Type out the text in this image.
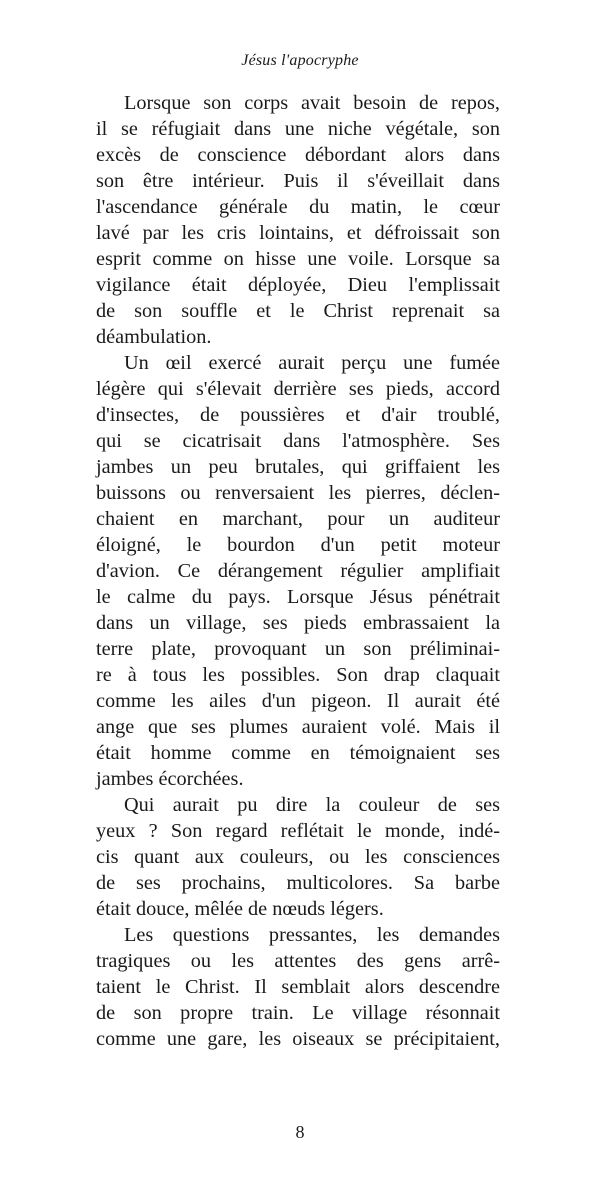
Jésus l'apocryphe
Lorsque son corps avait besoin de repos,
il se réfugiait dans une niche végétale, son
excès de conscience débordant alors dans
son être intérieur. Puis il s'éveillait dans
l'ascendance générale du matin, le cœur
lavé par les cris lointains, et défroissait son
esprit comme on hisse une voile. Lorsque sa
vigilance était déployée, Dieu l'emplissait
de son souffle et le Christ reprenait sa
déambulation.
Un œil exercé aurait perçu une fumée
légère qui s'élevait derrière ses pieds, accord
d'insectes, de poussières et d'air troublé,
qui se cicatrisait dans l'atmosphère. Ses
jambes un peu brutales, qui griffaient les
buissons ou renversaient les pierres, déclen-
chaient en marchant, pour un auditeur
éloigné, le bourdon d'un petit moteur
d'avion. Ce dérangement régulier amplifiait
le calme du pays. Lorsque Jésus pénétrait
dans un village, ses pieds embrassaient la
terre plate, provoquant un son préliminai-
re à tous les possibles. Son drap claquait
comme les ailes d'un pigeon. Il aurait été
ange que ses plumes auraient volé. Mais il
était homme comme en témoignaient ses
jambes écorchées.
Qui aurait pu dire la couleur de ses
yeux ? Son regard reflétait le monde, indé-
cis quant aux couleurs, ou les consciences
de ses prochains, multicolores. Sa barbe
était douce, mêlée de nœuds légers.
Les questions pressantes, les demandes
tragiques ou les attentes des gens arrê-
taient le Christ. Il semblait alors descendre
de son propre train. Le village résonnait
comme une gare, les oiseaux se précipitaient,
8
